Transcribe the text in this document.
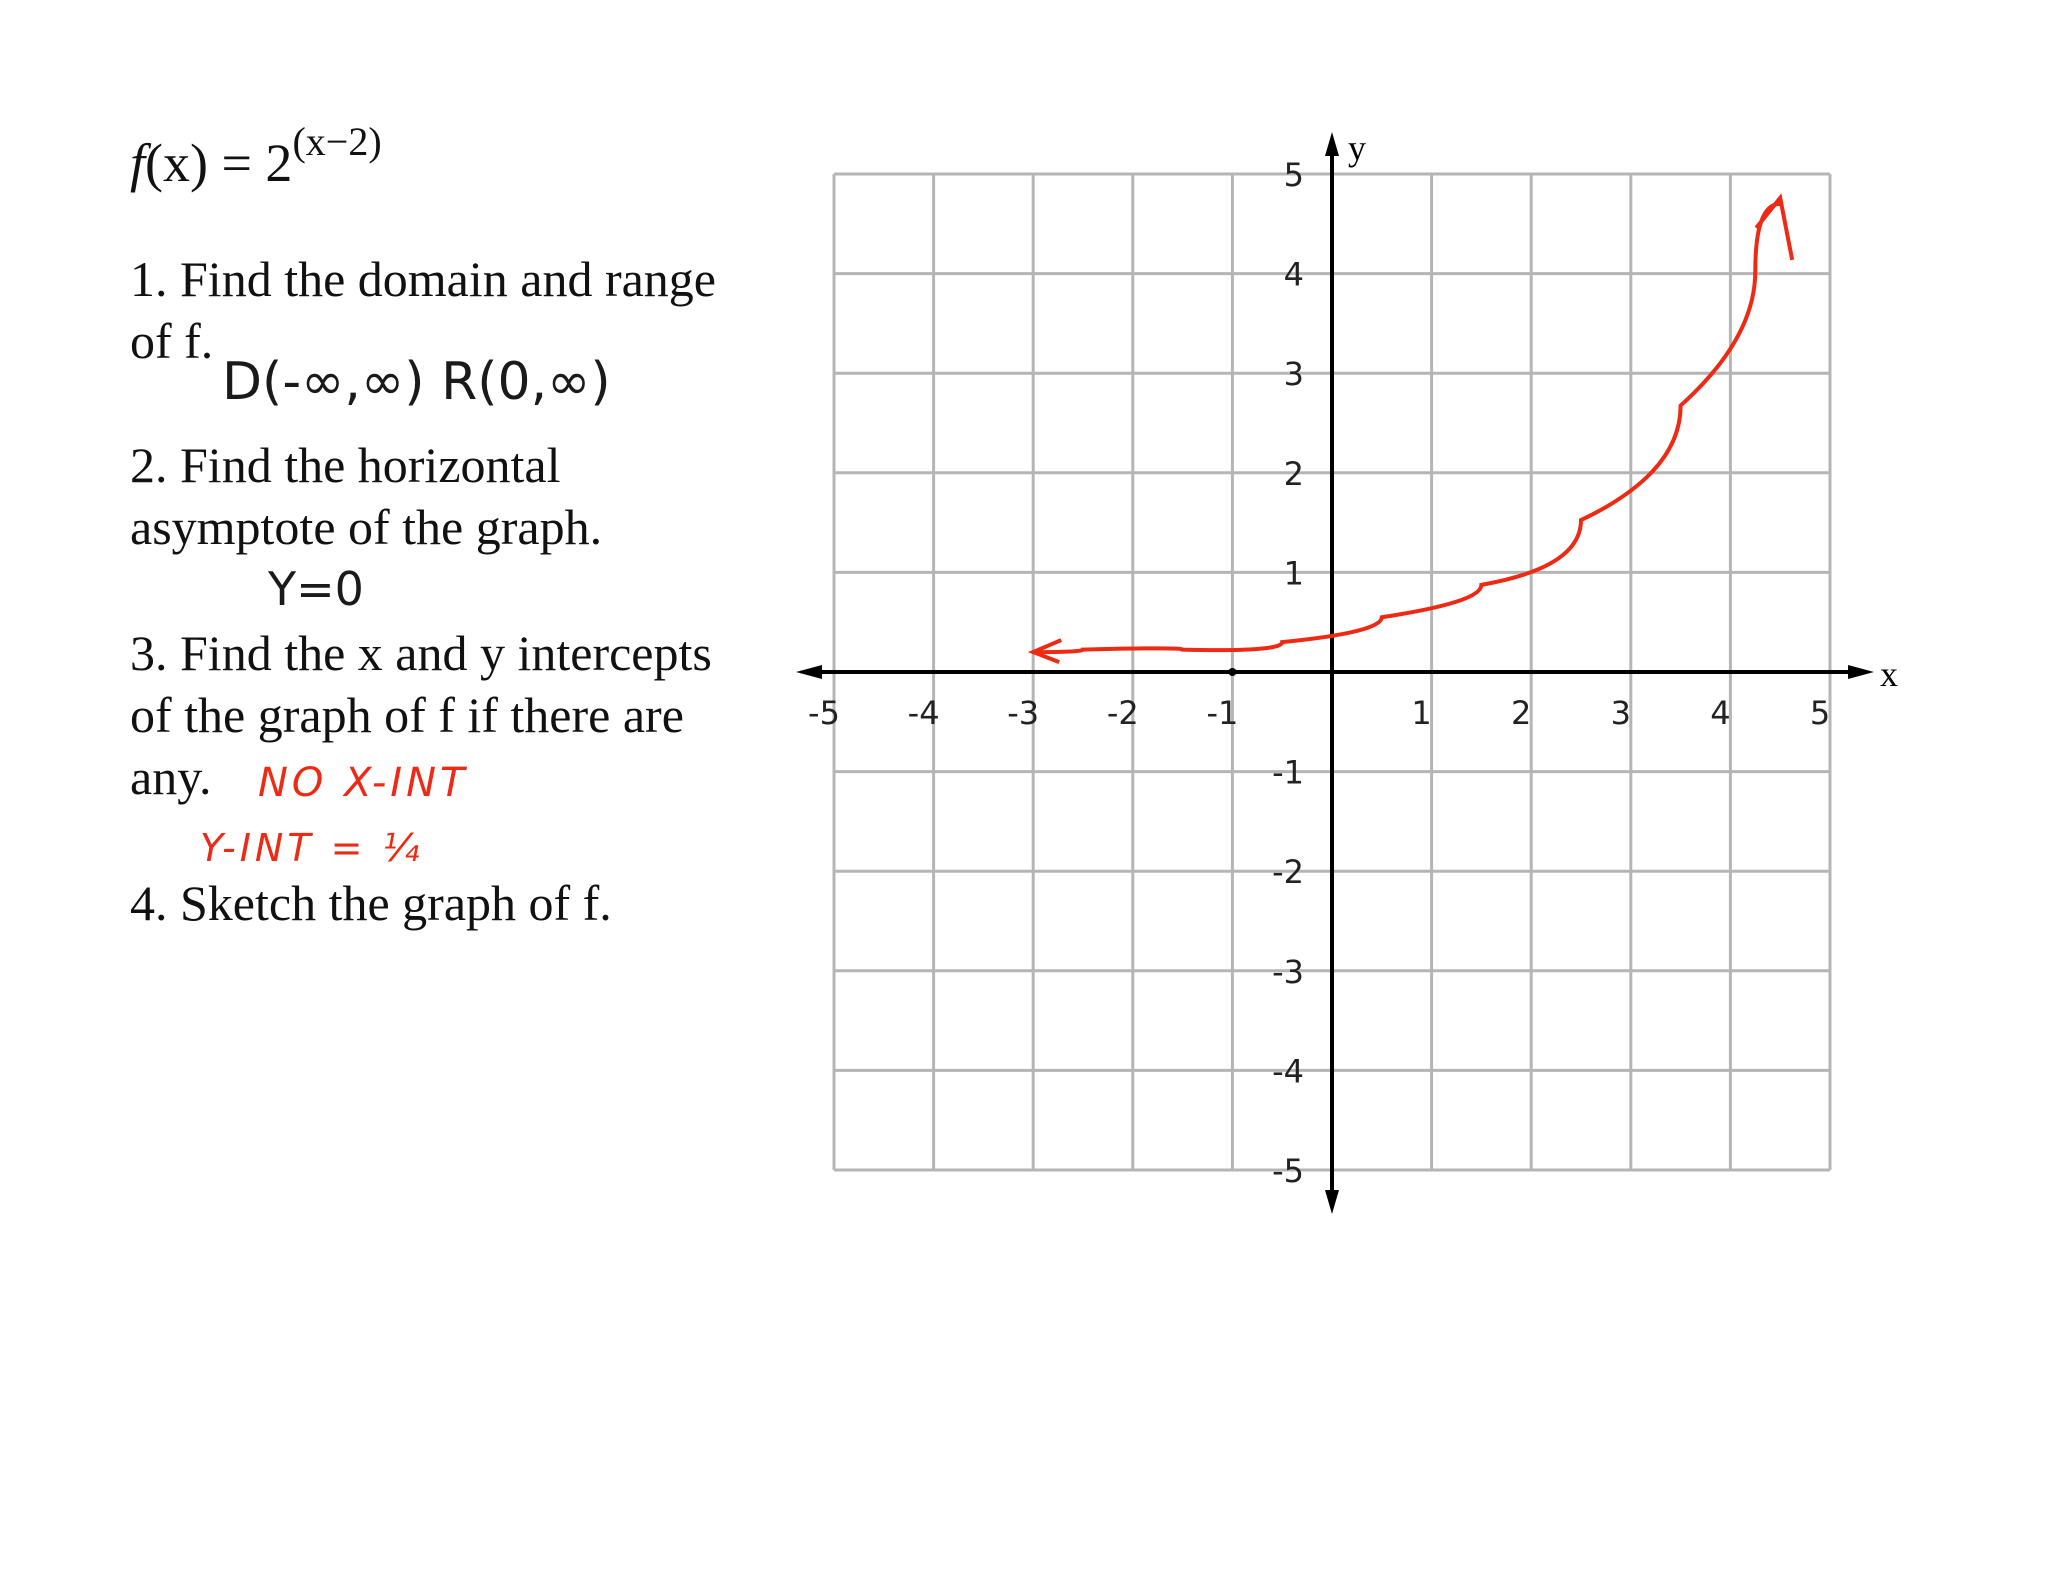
f(x) = 2(x−2)
1. Find the domain and range
of f.
D(-∞,∞) R(0,∞)
2. Find the horizontal
asymptote of the graph.
Y=0
3. Find the x and y intercepts
of the graph of f if there are
any.	NO X-INT
Y-INT = ¼
4. Sketch the graph of f.
x
y
-5 -4 -3 -2 -1	1 2 3 4 5
5
4
3
2
1
-1
-2
-3
-4
-5
